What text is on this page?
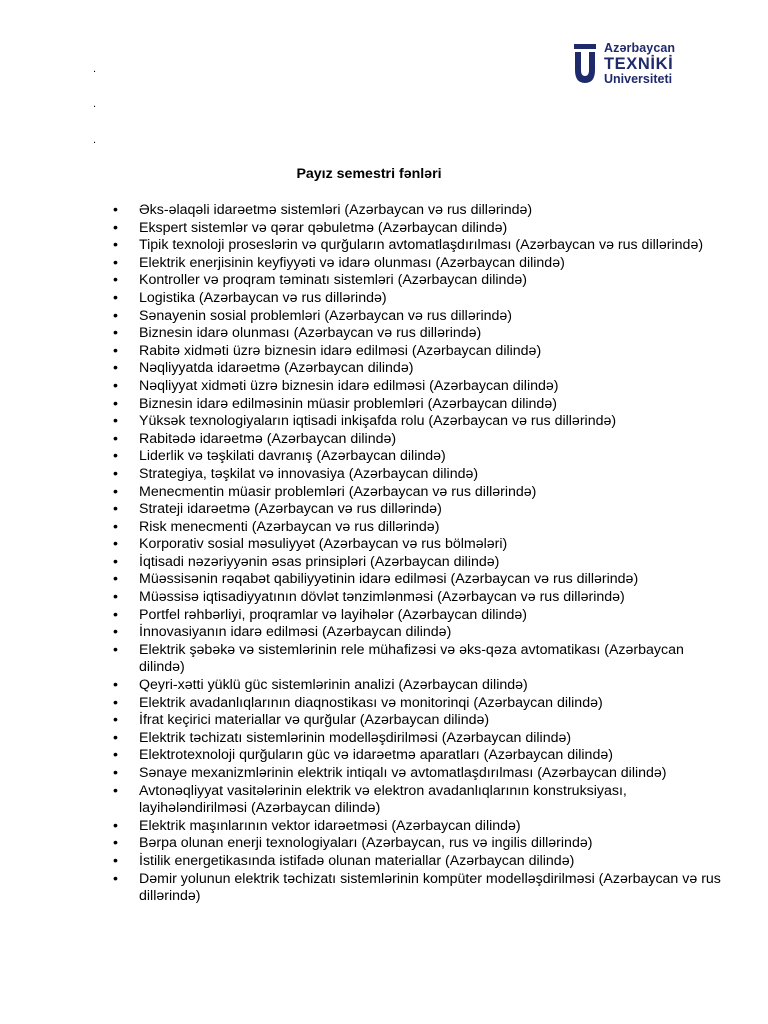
Azərbaycan
TEXNİKİ
Universiteti
.
.
.
Payız semestri fənləri
• Əks-əlaqəli idarəetmə sistemləri (Azərbaycan və rus dillərində)
• Ekspert sistemlər və qərar qəbuletmə (Azərbaycan dilində)
• Tipik texnoloji proseslərin və qurğuların avtomatlaşdırılması (Azərbaycan və rus dillərində)
• Elektrik enerjisinin keyfiyyəti və idarə olunması (Azərbaycan dilində)
• Kontroller və proqram təminatı sistemləri (Azərbaycan dilində)
• Logistika (Azərbaycan və rus dillərində)
• Sənayenin sosial problemləri (Azərbaycan və rus dillərində)
• Biznesin idarə olunması (Azərbaycan və rus dillərində)
• Rabitə xidməti üzrə biznesin idarə edilməsi (Azərbaycan dilində)
• Nəqliyyatda idarəetmə (Azərbaycan dilində)
• Nəqliyyat xidməti üzrə biznesin idarə edilməsi (Azərbaycan dilində)
• Biznesin idarə edilməsinin müasir problemləri (Azərbaycan dilində)
• Yüksək texnologiyaların iqtisadi inkişafda rolu (Azərbaycan və rus dillərində)
• Rabitədə idarəetmə (Azərbaycan dilində)
• Liderlik və təşkilati davranış (Azərbaycan dilində)
• Strategiya, təşkilat və innovasiya (Azərbaycan dilində)
• Menecmentin müasir problemləri (Azərbaycan və rus dillərində)
• Strateji idarəetmə (Azərbaycan və rus dillərində)
• Risk menecmenti (Azərbaycan və rus dillərində)
• Korporativ sosial məsuliyyət (Azərbaycan və rus bölmələri)
• İqtisadi nəzəriyyənin əsas prinsipləri (Azərbaycan dilində)
• Müəssisənin rəqabət qabiliyyətinin idarə edilməsi (Azərbaycan və rus dillərində)
• Müəssisə iqtisadiyyatının dövlət tənzimlənməsi (Azərbaycan və rus dillərində)
• Portfel rəhbərliyi, proqramlar və layihələr (Azərbaycan dilində)
• İnnovasiyanın idarə edilməsi (Azərbaycan dilində)
• Elektrik şəbəkə və sistemlərinin rele mühafizəsi və əks-qəza avtomatikası (Azərbaycan dilində)
• Qeyri-xətti yüklü güc sistemlərinin analizi (Azərbaycan dilində)
• Elektrik avadanlıqlarının diaqnostikası və monitorinqi (Azərbaycan dilində)
• İfrat keçirici materiallar və qurğular (Azərbaycan dilində)
• Elektrik təchizatı sistemlərinin modelləşdirilməsi (Azərbaycan dilində)
• Elektrotexnoloji qurğuların güc və idarəetmə aparatları (Azərbaycan dilində)
• Sənaye mexanizmlərinin elektrik intiqalı və avtomatlaşdırılması (Azərbaycan dilində)
• Avtonəqliyyat vasitələrinin elektrik və elektron avadanlıqlarının konstruksiyası, layihələndirilməsi (Azərbaycan dilində)
• Elektrik maşınlarının vektor idarəetməsi (Azərbaycan dilində)
• Bərpa olunan enerji texnologiyaları (Azərbaycan, rus və ingilis dillərində)
• İstilik energetikasında istifadə olunan materiallar (Azərbaycan dilində)
• Dəmir yolunun elektrik təchizatı sistemlərinin kompüter modelləşdirilməsi (Azərbaycan və rus dillərində)
